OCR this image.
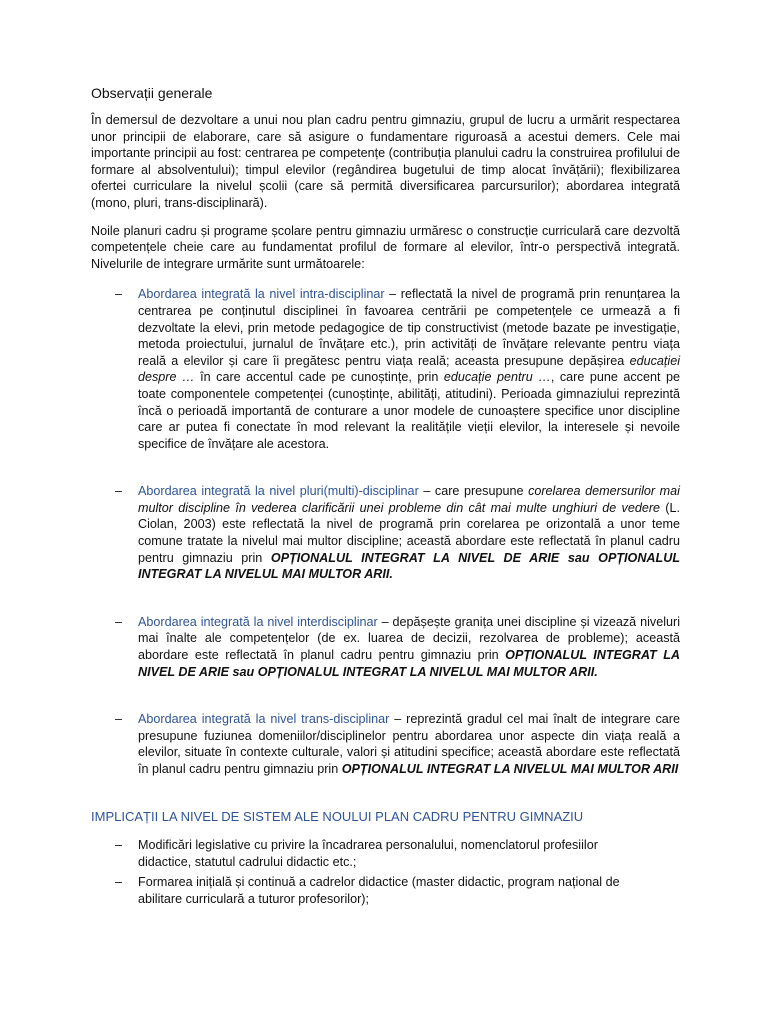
Observații generale

În demersul de dezvoltare a unui nou plan cadru pentru gimnaziu, grupul de lucru a urmărit respectarea unor principii de elaborare, care să asigure o fundamentare riguroasă a acestui demers. Cele mai importante principii au fost: centrarea pe competențe (contribuția planului cadru la construirea profilului de formare al absolventului); timpul elevilor (regândirea bugetului de timp alocat învățării); flexibilizarea ofertei curriculare la nivelul școlii (care să permită diversificarea parcursurilor); abordarea integrată (mono, pluri, trans-disciplinară).

Noile planuri cadru și programe școlare pentru gimnaziu urmăresc o construcție curriculară care dezvoltă competențele cheie care au fundamentat profilul de formare al elevilor, într-o perspectivă integrată. Nivelurile de integrare urmărite sunt următoarele:

– Abordarea integrată la nivel intra-disciplinar – reflectată la nivel de programă prin renunțarea la centrarea pe conținutul disciplinei în favoarea centrării pe competențele ce urmează a fi dezvoltate la elevi, prin metode pedagogice de tip constructivist (metode bazate pe investigație, metoda proiectului, jurnalul de învățare etc.), prin activități de învățare relevante pentru viața reală a elevilor și care îi pregătesc pentru viața reală; aceasta presupune depășirea educației despre … în care accentul cade pe cunoștințe, prin educație pentru …, care pune accent pe toate componentele competenței (cunoștințe, abilități, atitudini). Perioada gimnaziului reprezintă încă o perioadă importantă de conturare a unor modele de cunoaștere specifice unor discipline care ar putea fi conectate în mod relevant la realitățile vieții elevilor, la interesele și nevoile specifice de învățare ale acestora.
– Abordarea integrată la nivel pluri(multi)-disciplinar – care presupune corelarea demersurilor mai multor discipline în vederea clarificării unei probleme din cât mai multe unghiuri de vedere (L. Ciolan, 2003) este reflectată la nivel de programă prin corelarea pe orizontală a unor teme comune tratate la nivelul mai multor discipline; această abordare este reflectată în planul cadru pentru gimnaziu prin OPȚIONALUL INTEGRAT LA NIVEL DE ARIE sau OPȚIONALUL INTEGRAT LA NIVELUL MAI MULTOR ARII.
– Abordarea integrată la nivel interdisciplinar – depășește granița unei discipline și vizează niveluri mai înalte ale competențelor (de ex. luarea de decizii, rezolvarea de probleme); această abordare este reflectată în planul cadru pentru gimnaziu prin OPȚIONALUL INTEGRAT LA NIVEL DE ARIE sau OPȚIONALUL INTEGRAT LA NIVELUL MAI MULTOR ARII.
– Abordarea integrată la nivel trans-disciplinar – reprezintă gradul cel mai înalt de integrare care presupune fuziunea domeniilor/disciplinelor pentru abordarea unor aspecte din viața reală a elevilor, situate în contexte culturale, valori și atitudini specifice; această abordare este reflectată în planul cadru pentru gimnaziu prin OPȚIONALUL INTEGRAT LA NIVELUL MAI MULTOR ARII
IMPLICAȚII LA NIVEL DE SISTEM ALE NOULUI PLAN CADRU PENTRU GIMNAZIU
– Modificări legislative cu privire la încadrarea personalului, nomenclatorul profesiilor didactice, statutul cadrului didactic etc.;
– Formarea inițială și continuă a cadrelor didactice (master didactic, program național de abilitare curriculară a tuturor profesorilor);
